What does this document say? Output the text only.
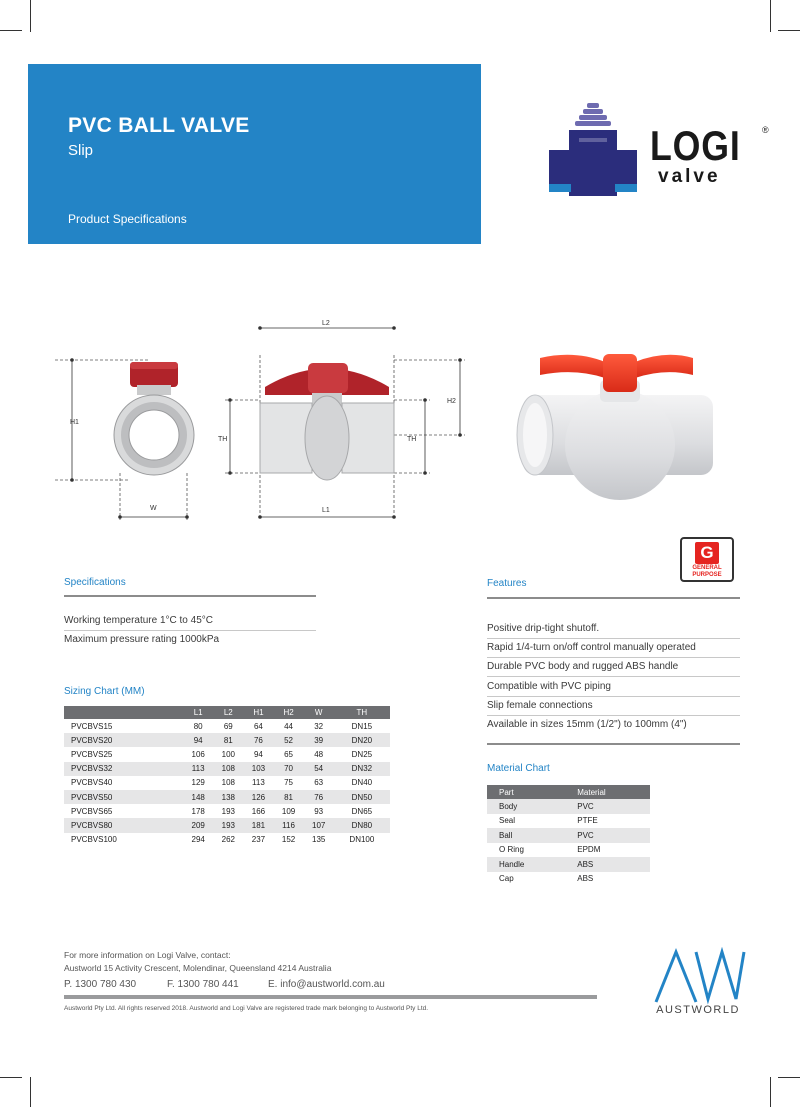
PVC BALL VALVE
Slip
Product Specifications
LOGI
valve
®
H1
W
L2
H2
TH	TH
L1
G
GENERAL
PURPOSE
Specifications
Working temperature 1°C to 45°C
Maximum pressure rating 1000kPa
Sizing Chart (MM)
	L1	L2	H1	H2	W	TH
PVCBVS15	80	69	64	44	32	DN15
PVCBVS20	94	81	76	52	39	DN20
PVCBVS25	106	100	94	65	48	DN25
PVCBVS32	113	108	103	70	54	DN32
PVCBVS40	129	108	113	75	63	DN40
PVCBVS50	148	138	126	81	76	DN50
PVCBVS65	178	193	166	109	93	DN65
PVCBVS80	209	193	181	116	107	DN80
PVCBVS100	294	262	237	152	135	DN100
Features
Positive drip-tight shutoff.
Rapid 1/4-turn on/off control manually operated
Durable PVC body and rugged ABS handle
Compatible with PVC piping
Slip female connections
Available in sizes 15mm (1/2") to 100mm (4")
Material Chart
Part	Material
Body	PVC
Seal	PTFE
Ball	PVC
O Ring	EPDM
Handle	ABS
Cap	ABS
For more information on Logi Valve, contact:
Austworld 15 Activity Crescent, Molendinar, Queensland 4214 Australia
P. 1300 780 430	F. 1300 780 441	E. info@austworld.com.au
Austworld Pty Ltd. All rights reserved 2018. Austworld and Logi Valve are registered trade mark belonging to Austworld Pty Ltd.	AUSTWORLD
